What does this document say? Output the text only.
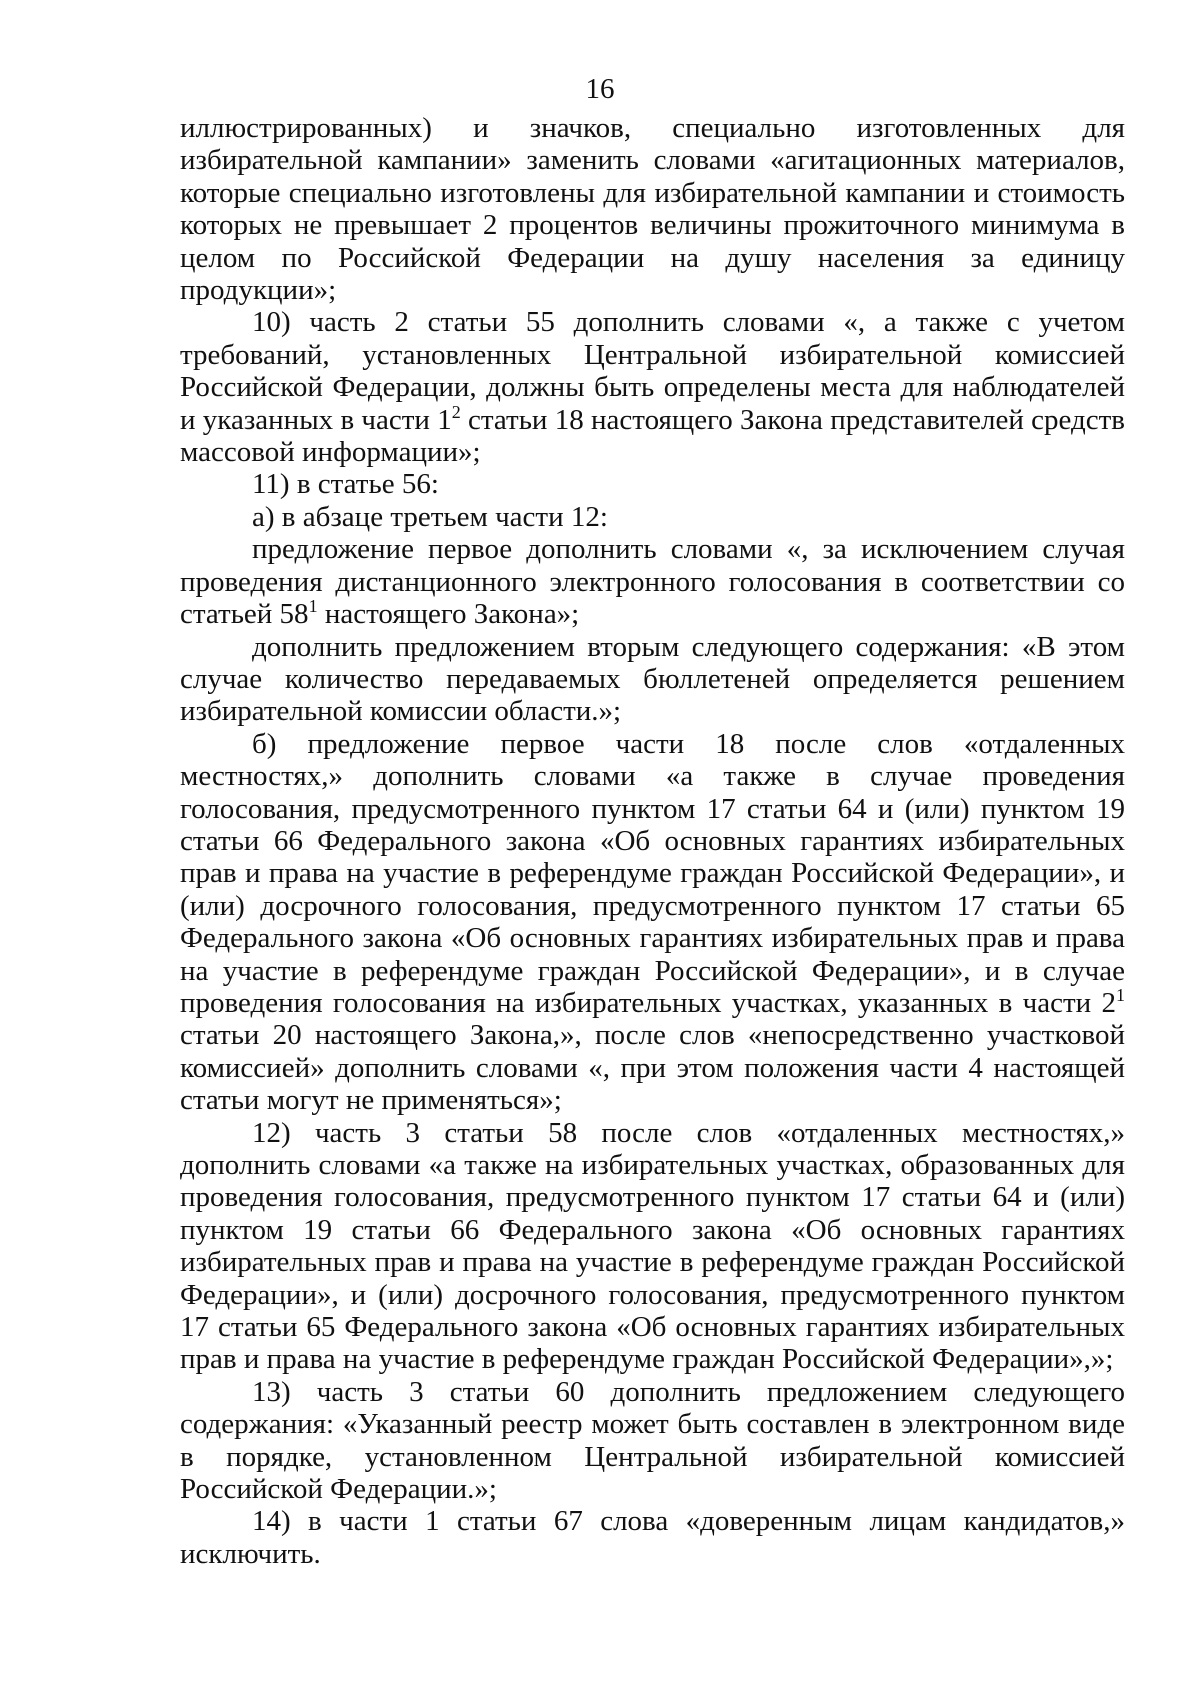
16

иллюстрированных) и значков, специально изготовленных для избирательной кампании» заменить словами «агитационных материалов, которые специально изготовлены для избирательной кампании и стоимость которых не превышает 2 процентов величины прожиточного минимума в целом по Российской Федерации на душу населения за единицу продукции»;

10) часть 2 статьи 55 дополнить словами «, а также с учетом требований, установленных Центральной избирательной комиссией Российской Федерации, должны быть определены места для наблюдателей и указанных в части $1^2$ статьи 18 настоящего Закона представителей средств массовой информации»;

11) в статье 56:

а) в абзаце третьем части 12:

предложение первое дополнить словами «, за исключением случая проведения дистанционного электронного голосования в соответствии со статьей $58^1$ настоящего Закона»;

дополнить предложением вторым следующего содержания: «В этом случае количество передаваемых бюллетеней определяется решением избирательной комиссии области.»;

б) предложение первое части 18 после слов «отдаленных местностях,» дополнить словами «а также в случае проведения голосования, предусмотренного пунктом 17 статьи 64 и (или) пунктом 19 статьи 66 Федерального закона «Об основных гарантиях избирательных прав и права на участие в референдуме граждан Российской Федерации», и (или) досрочного голосования, предусмотренного пунктом 17 статьи 65 Федерального закона «Об основных гарантиях избирательных прав и права на участие в референдуме граждан Российской Федерации», и в случае проведения голосования на избирательных участках, указанных в части $2^1$ статьи 20 настоящего Закона,», после слов «непосредственно участковой комиссией» дополнить словами «, при этом положения части 4 настоящей статьи могут не применяться»;

12) часть 3 статьи 58 после слов «отдаленных местностях,» дополнить словами «а также на избирательных участках, образованных для проведения голосования, предусмотренного пунктом 17 статьи 64 и (или) пунктом 19 статьи 66 Федерального закона «Об основных гарантиях избирательных прав и права на участие в референдуме граждан Российской Федерации», и (или) досрочного голосования, предусмотренного пунктом 17 статьи 65 Федерального закона «Об основных гарантиях избирательных прав и права на участие в референдуме граждан Российской Федерации»,»;

13) часть 3 статьи 60 дополнить предложением следующего содержания: «Указанный реестр может быть составлен в электронном виде в порядке, установленном Центральной избирательной комиссией Российской Федерации.»;

14) в части 1 статьи 67 слова «доверенным лицам кандидатов,» исключить.
